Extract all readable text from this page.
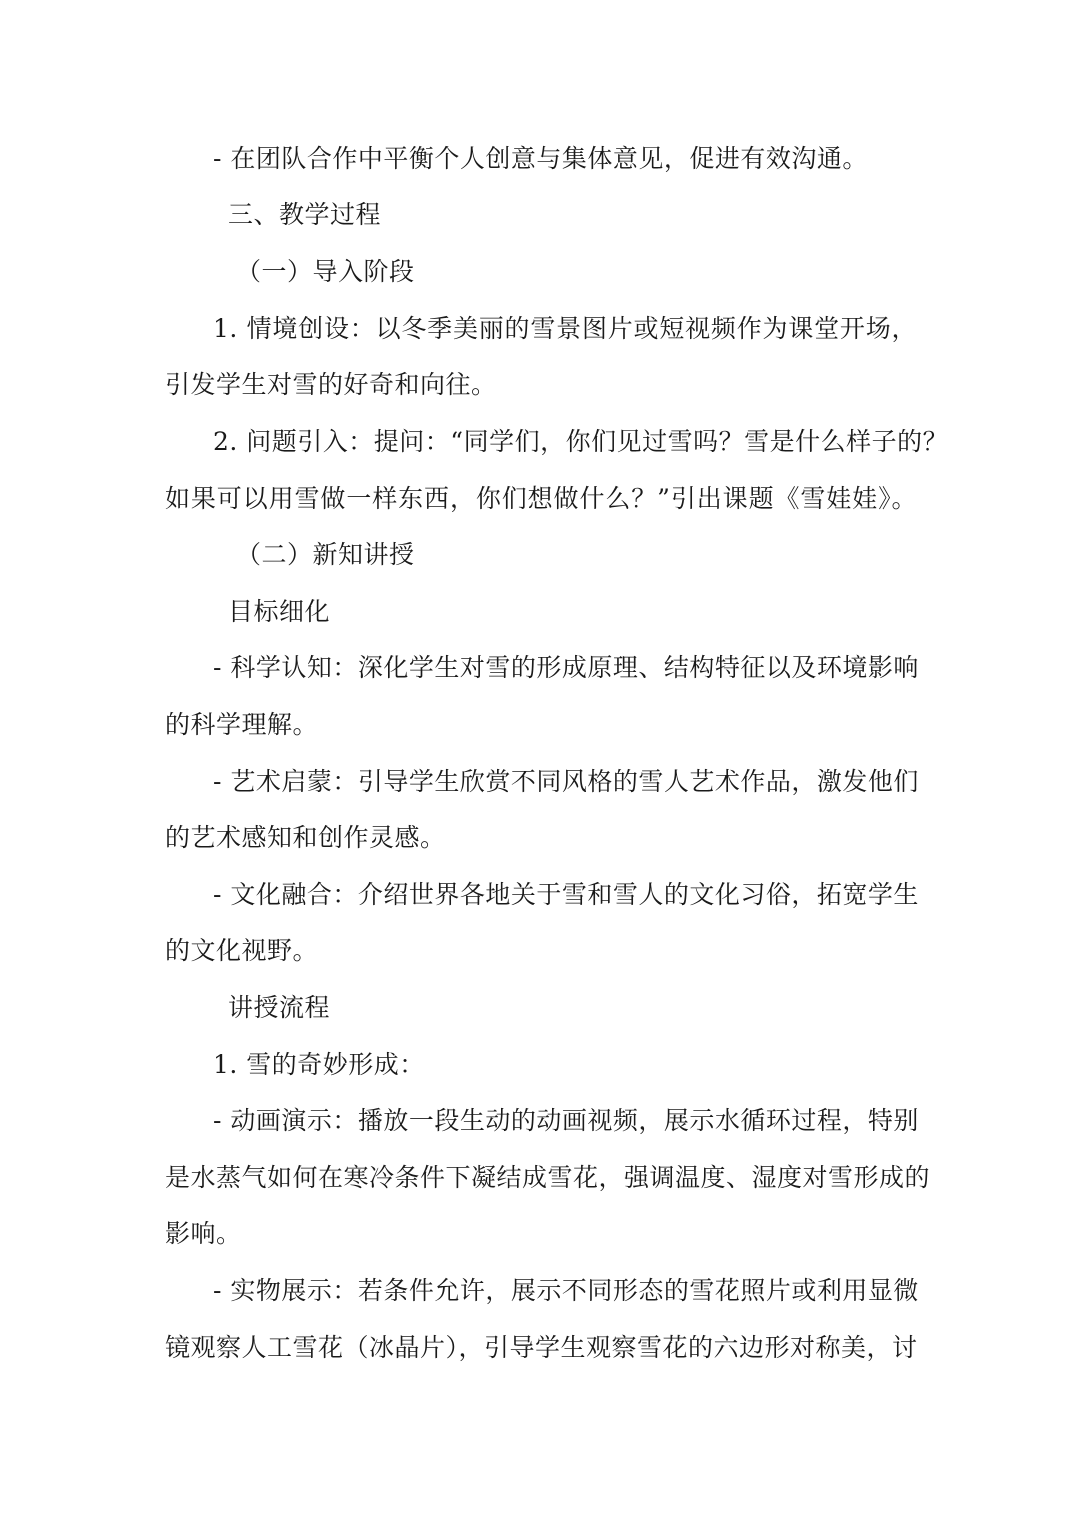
- 在团队合作中平衡个人创意与集体意见，促进有效沟通。
三、教学过程
（一）导入阶段
1. 情境创设：以冬季美丽的雪景图片或短视频作为课堂开场，
引发学生对雪的好奇和向往。
2. 问题引入：提问：“同学们，你们见过雪吗？雪是什么样子的？
如果可以用雪做一样东西，你们想做什么？”引出课题《雪娃娃》。
（二）新知讲授
目标细化
- 科学认知：深化学生对雪的形成原理、结构特征以及环境影响
的科学理解。
- 艺术启蒙：引导学生欣赏不同风格的雪人艺术作品，激发他们
的艺术感知和创作灵感。
- 文化融合：介绍世界各地关于雪和雪人的文化习俗，拓宽学生
的文化视野。
讲授流程
1. 雪的奇妙形成：
- 动画演示：播放一段生动的动画视频，展示水循环过程，特别
是水蒸气如何在寒冷条件下凝结成雪花，强调温度、湿度对雪形成的
影响。
- 实物展示：若条件允许，展示不同形态的雪花照片或利用显微
镜观察人工雪花（冰晶片），引导学生观察雪花的六边形对称美，讨
